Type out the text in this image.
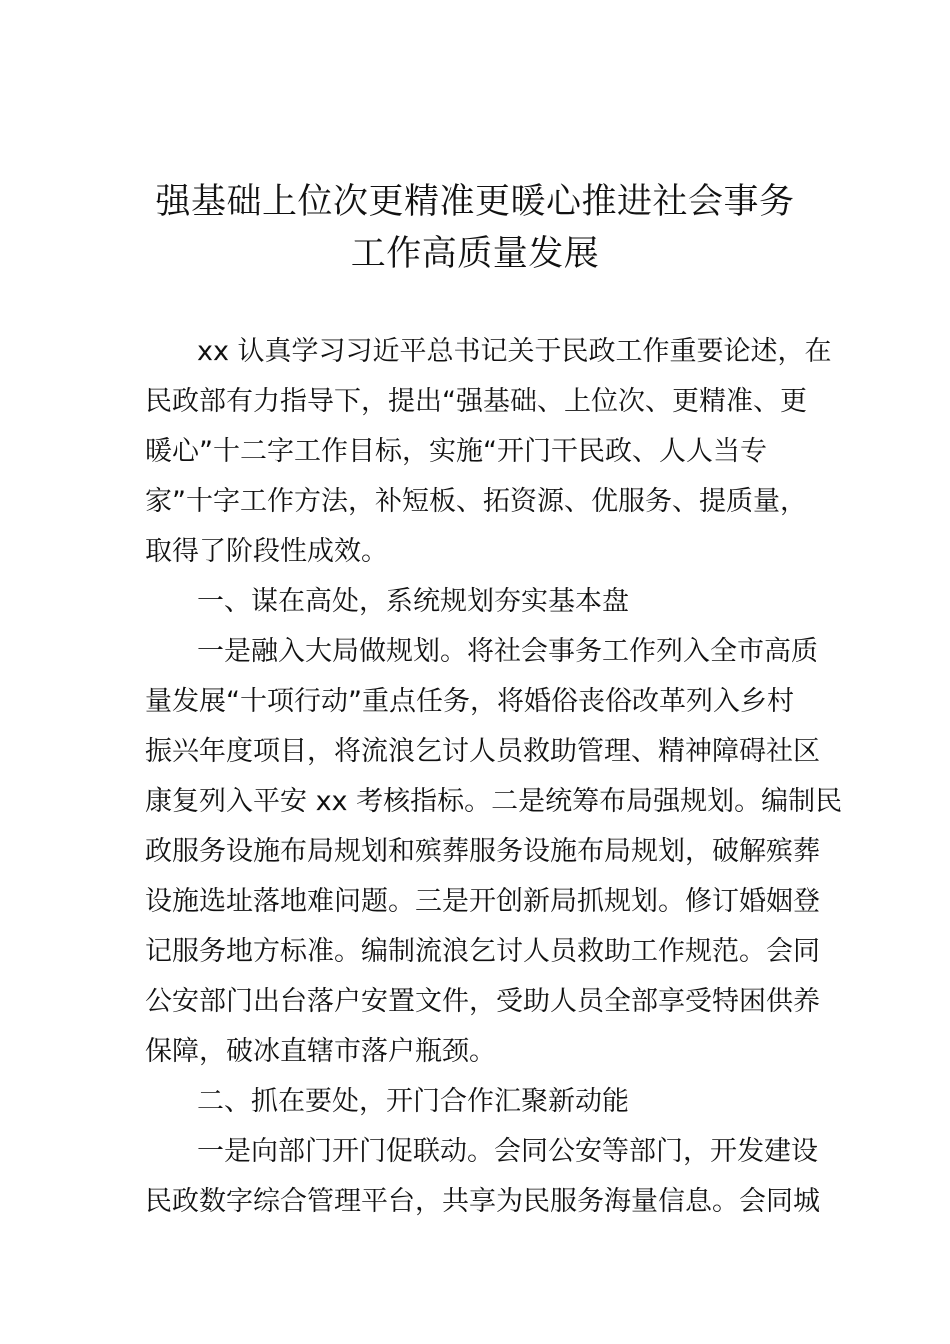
强基础上位次更精准更暖心推进社会事务
工作高质量发展
xx 认真学习习近平总书记关于民政工作重要论述，在
民政部有力指导下，提出“强基础、上位次、更精准、更
暖心”十二字工作目标，实施“开门干民政、人人当专
家”十字工作方法，补短板、拓资源、优服务、提质量，
取得了阶段性成效。
一、谋在高处，系统规划夯实基本盘
一是融入大局做规划。将社会事务工作列入全市高质
量发展“十项行动”重点任务，将婚俗丧俗改革列入乡村
振兴年度项目，将流浪乞讨人员救助管理、精神障碍社区
康复列入平安 xx 考核指标。二是统筹布局强规划。编制民
政服务设施布局规划和殡葬服务设施布局规划，破解殡葬
设施选址落地难问题。三是开创新局抓规划。修订婚姻登
记服务地方标准。编制流浪乞讨人员救助工作规范。会同
公安部门出台落户安置文件，受助人员全部享受特困供养
保障，破冰直辖市落户瓶颈。
二、抓在要处，开门合作汇聚新动能
一是向部门开门促联动。会同公安等部门，开发建设
民政数字综合管理平台，共享为民服务海量信息。会同城
